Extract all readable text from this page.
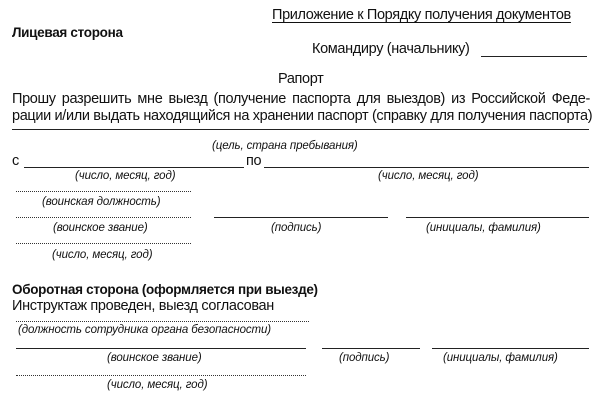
Приложение к Порядку получения документов
Лицевая сторона
Командиру (начальнику)
Рапорт
Прошу разрешить мне выезд (получение паспорта для выездов) из Российской Феде-
рации и/или выдать находящийся на хранении паспорт (справку для получения паспорта)
(цель, страна пребывания)
с	по
(число, месяц, год)	(число, месяц, год)
(воинская должность)
(воинское звание)	(подпись)	(инициалы, фамилия)
(число, месяц, год)
Оборотная сторона (оформляется при выезде)
Инструктаж проведен, выезд согласован
(должность сотрудника органа безопасности)
(воинское звание)	(подпись)	(инициалы, фамилия)
(число, месяц, год)
